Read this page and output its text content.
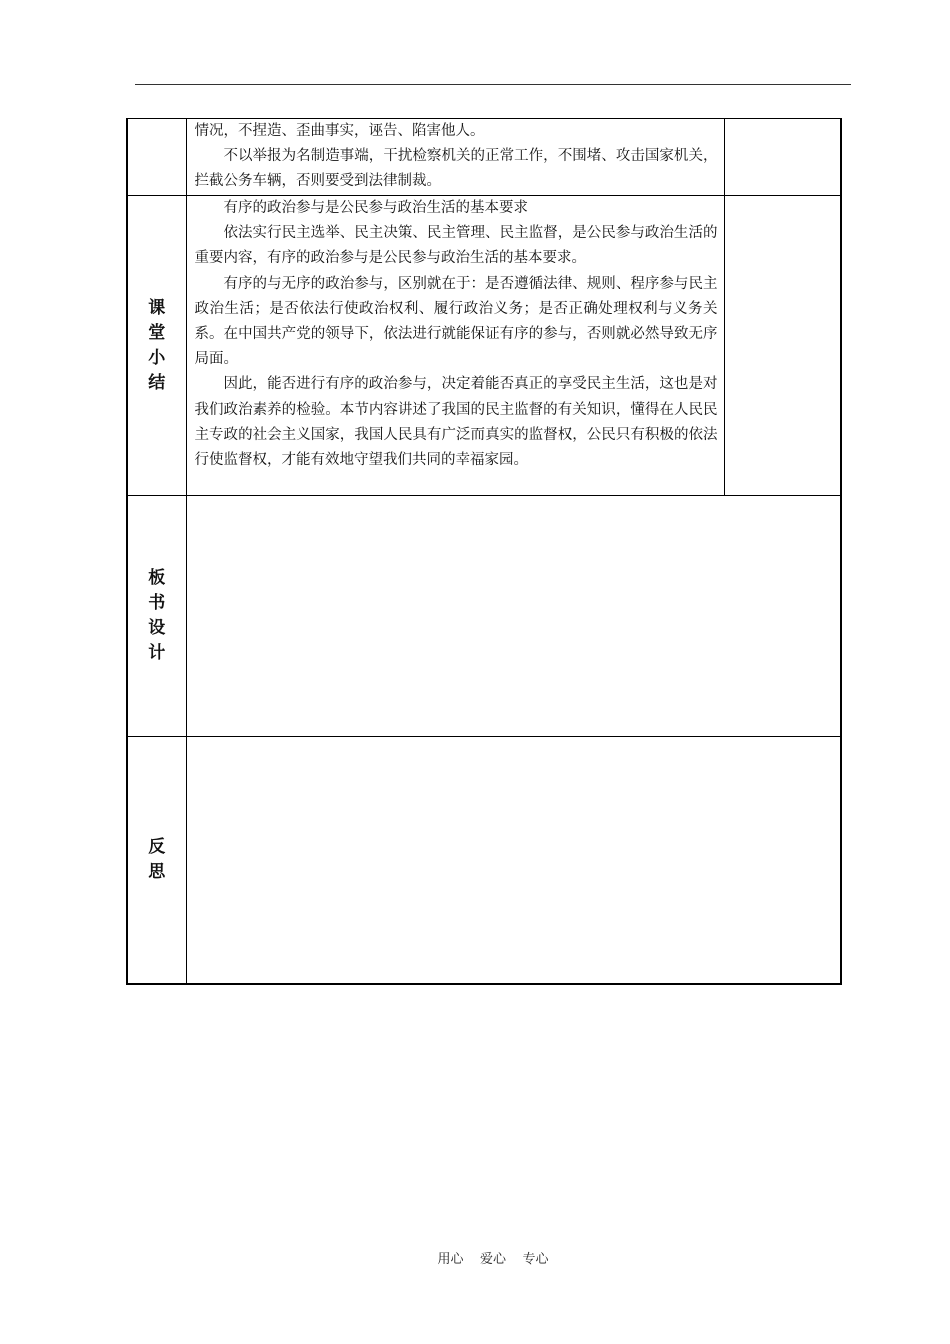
	情况，不捏造、歪曲事实，诬告、陷害他人。

不以举报为名制造事端，干扰检察机关的正常工作，不围堵、攻击国家机关，拦截公务车辆，否则要受到法律制裁。	

课堂小结	有序的政治参与是公民参与政治生活的基本要求

依法实行民主选举、民主决策、民主管理、民主监督，是公民参与政治生活的重要内容，有序的政治参与是公民参与政治生活的基本要求。

有序的与无序的政治参与，区别就在于：是否遵循法律、规则、程序参与民主政治生活；是否依法行使政治权利、履行政治义务；是否正确处理权利与义务关系。在中国共产党的领导下，依法进行就能保证有序的参与，否则就必然导致无序局面。

因此，能否进行有序的政治参与，决定着能否真正的享受民主生活，这也是对我们政治素养的检验。本节内容讲述了我国的民主监督的有关知识，懂得在人民民主专政的社会主义国家，我国人民具有广泛而真实的监督权，公民只有积极的依法行使监督权，才能有效地守望我们共同的幸福家园。	

板书设计		
反思		
用心    爱心    专心
